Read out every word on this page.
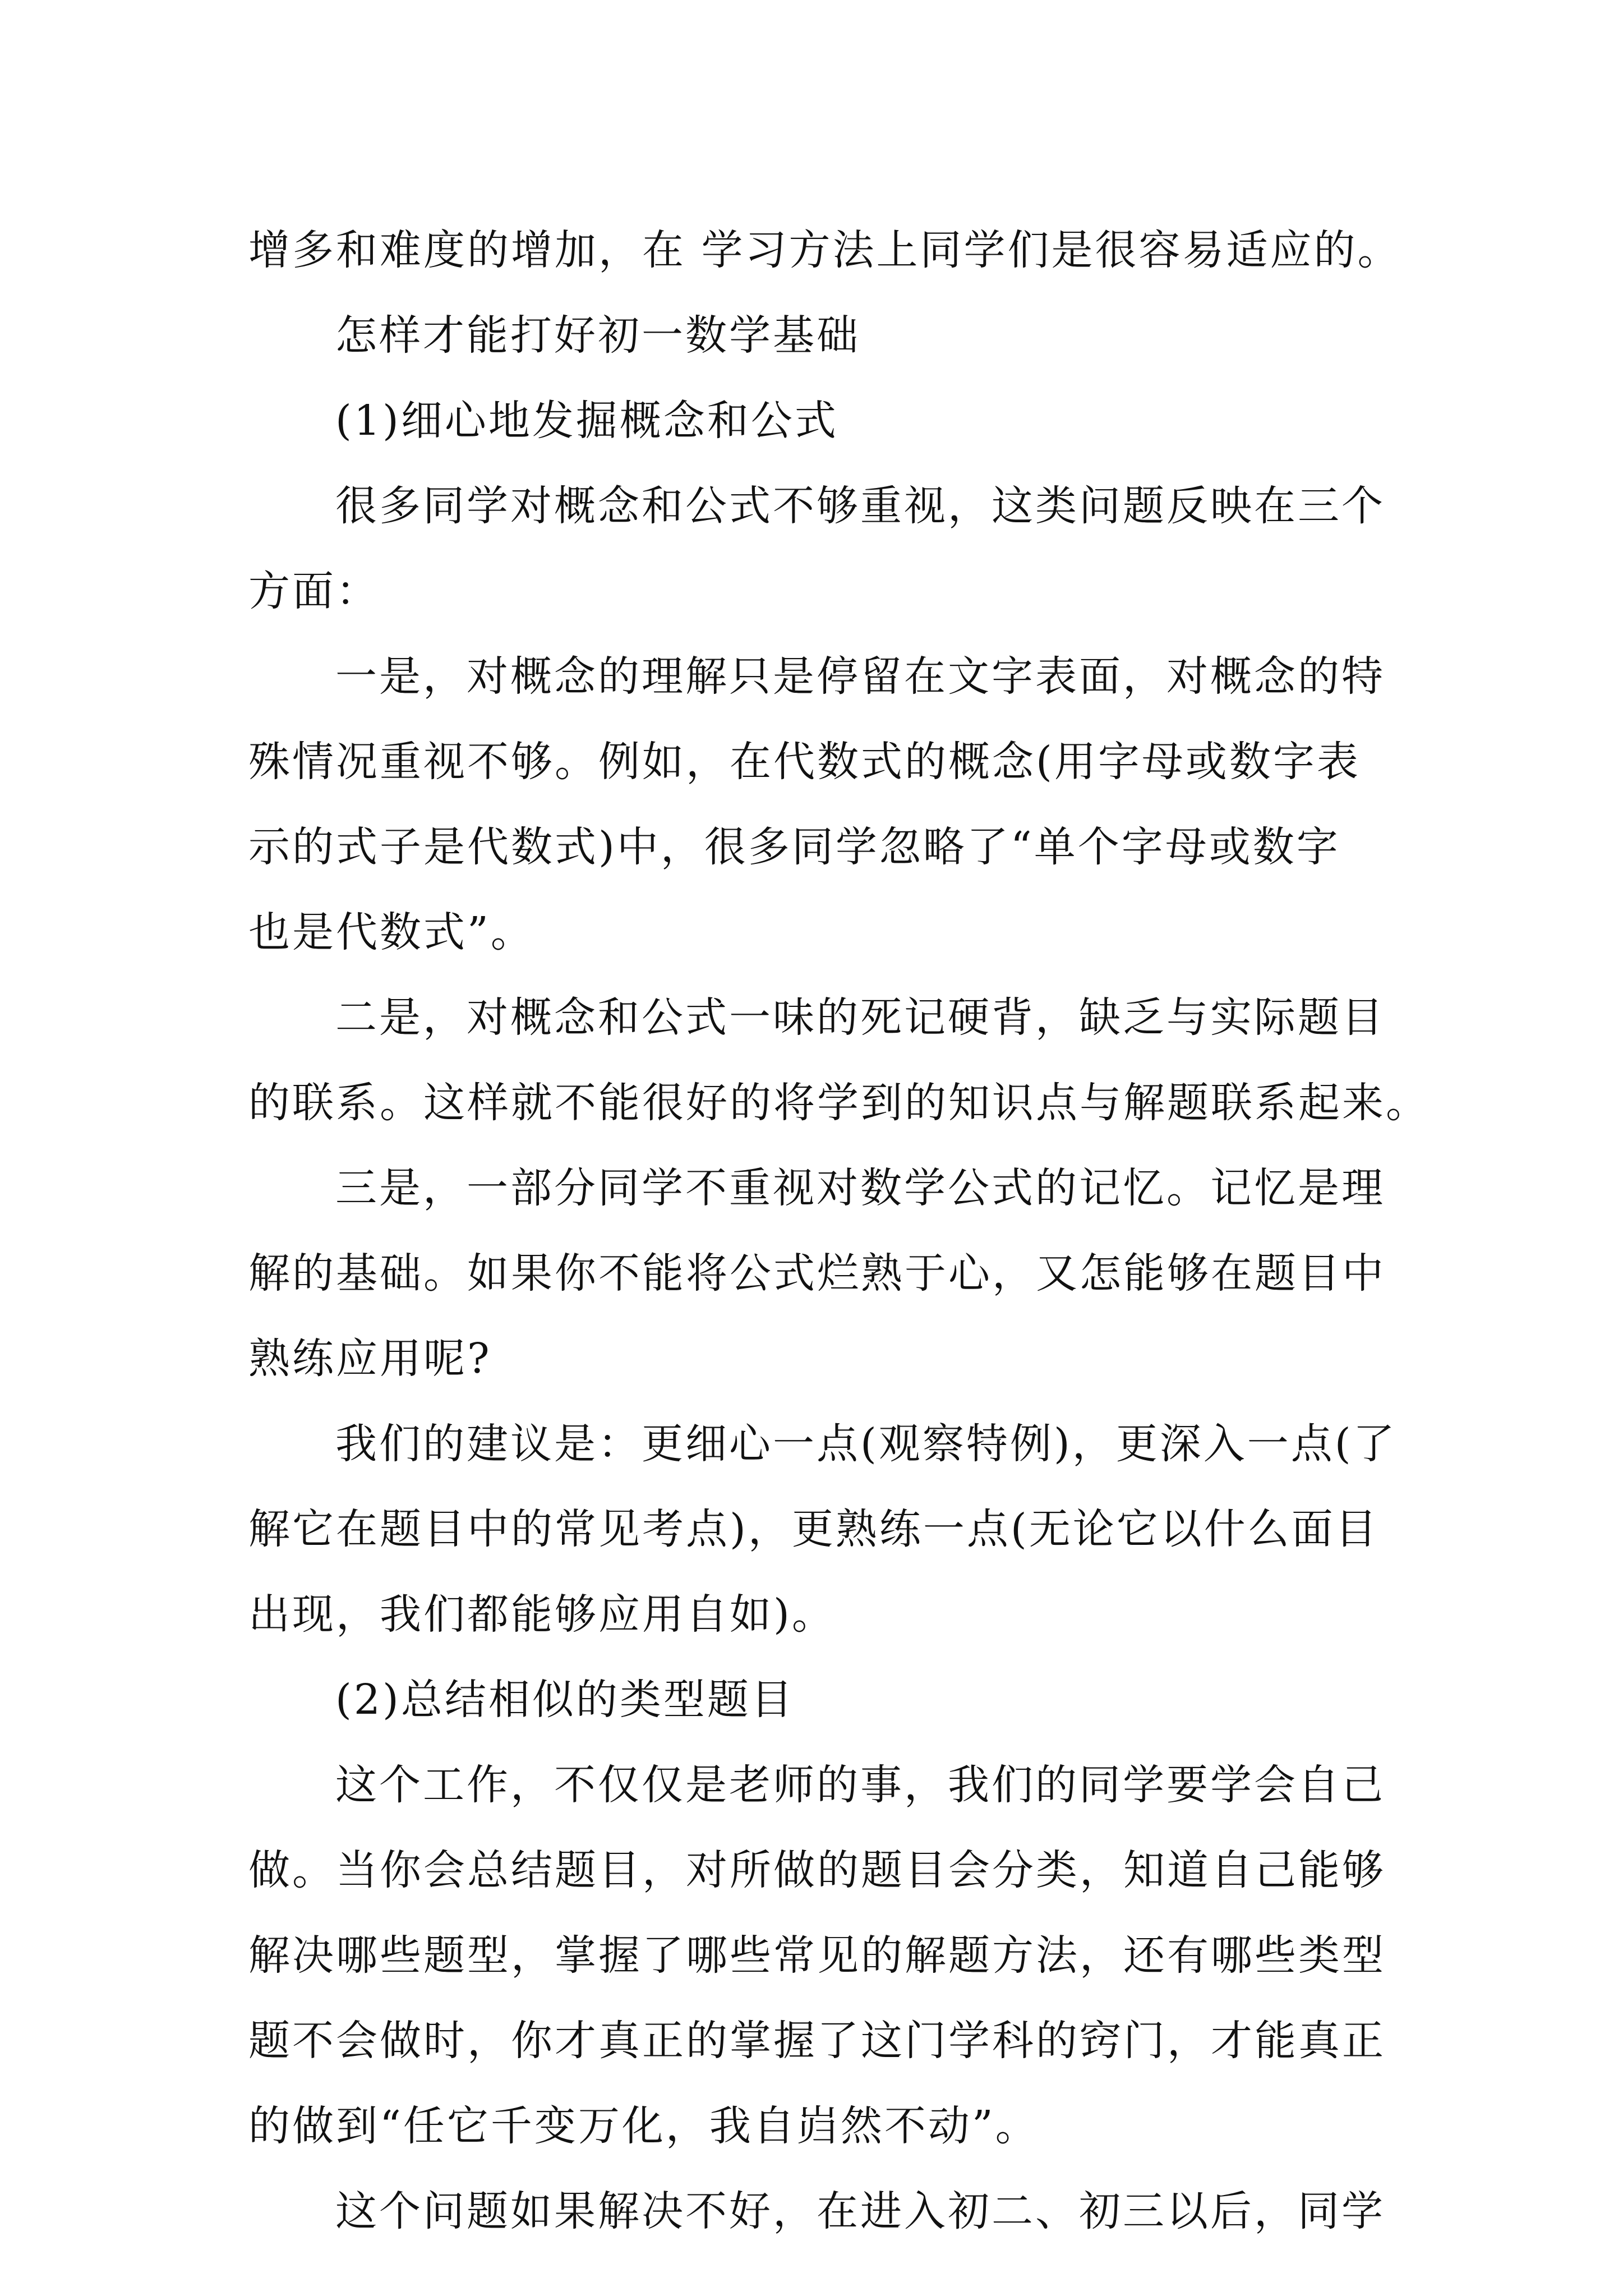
增多和难度的增加，在 学习方法上同学们是很容易适应的。
怎样才能打好初一数学基础
(1)细心地发掘概念和公式
很多同学对概念和公式不够重视，这类问题反映在三个
方面：
一是，对概念的理解只是停留在文字表面，对概念的特
殊情况重视不够。例如，在代数式的概念(用字母或数字表
示的式子是代数式)中，很多同学忽略了“单个字母或数字
也是代数式”。
二是，对概念和公式一味的死记硬背，缺乏与实际题目
的联系。这样就不能很好的将学到的知识点与解题联系起来。
三是，一部分同学不重视对数学公式的记忆。记忆是理
解的基础。如果你不能将公式烂熟于心，又怎能够在题目中
熟练应用呢?
我们的建议是：更细心一点(观察特例)，更深入一点(了
解它在题目中的常见考点)，更熟练一点(无论它以什么面目
出现，我们都能够应用自如)。
(2)总结相似的类型题目
这个工作，不仅仅是老师的事，我们的同学要学会自己
做。当你会总结题目，对所做的题目会分类，知道自己能够
解决哪些题型，掌握了哪些常见的解题方法，还有哪些类型
题不会做时，你才真正的掌握了这门学科的窍门，才能真正
的做到“任它千变万化，我自岿然不动”。
这个问题如果解决不好，在进入初二、初三以后，同学
